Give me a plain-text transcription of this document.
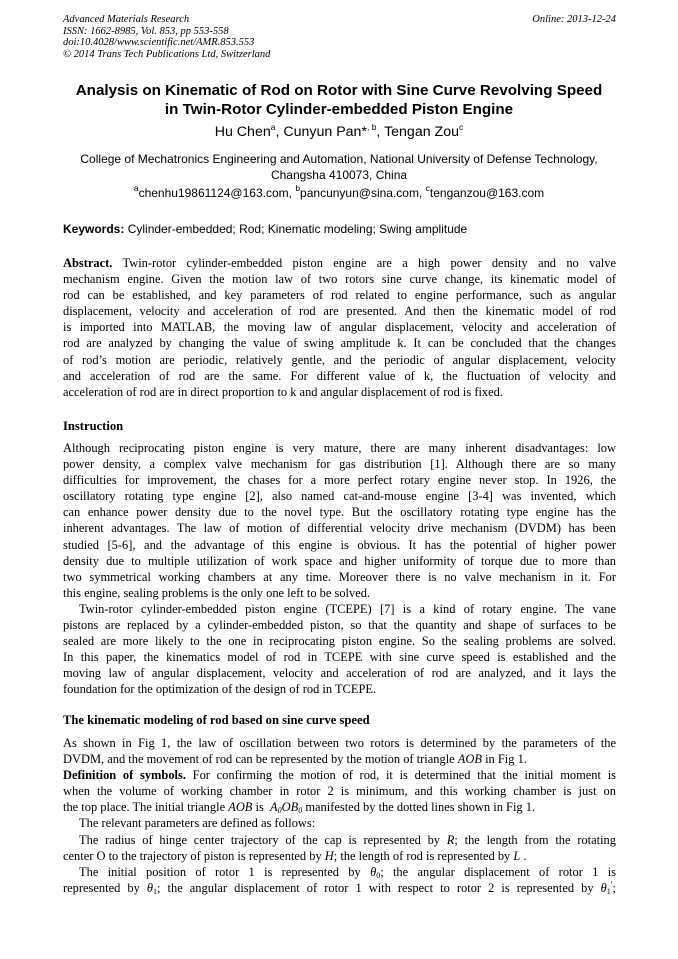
Advanced Materials Research
ISSN: 1662-8985, Vol. 853, pp 553-558
doi:10.4028/www.scientific.net/AMR.853.553
© 2014 Trans Tech Publications Ltd, Switzerland
Online: 2013-12-24
Analysis on Kinematic of Rod on Rotor with Sine Curve Revolving Speed
in Twin-Rotor Cylinder-embedded Piston Engine
Hu Chen$^a$, Cunyun Pan*$^{, b}$, Tengan Zou$^c$
College of Mechatronics Engineering and Automation, National University of Defense Technology,
Changsha 410073, China
$^a$chenhu19861124@163.com, $^b$pancunyun@sina.com, $^c$tenganzou@163.com
Keywords: Cylinder-embedded; Rod; Kinematic modeling; Swing amplitude
Abstract. Twin-rotor cylinder-embedded piston engine are a high power density and no valve
mechanism engine. Given the motion law of two rotors sine curve change, its kinematic model of
rod can be established, and key parameters of rod related to engine performance, such as angular
displacement, velocity and acceleration of rod are presented. And then the kinematic model of rod
is imported into MATLAB, the moving law of angular displacement, velocity and acceleration of
rod are analyzed by changing the value of swing amplitude k. It can be concluded that the changes
of rod’s motion are periodic, relatively gentle, and the periodic of angular displacement, velocity
and acceleration of rod are the same. For different value of k, the fluctuation of velocity and
acceleration of rod are in direct proportion to k and angular displacement of rod is fixed.
Instruction
Although reciprocating piston engine is very mature, there are many inherent disadvantages: low
power density, a complex valve mechanism for gas distribution [1]. Although there are so many
difficulties for improvement, the chases for a more perfect rotary engine never stop. In 1926, the
oscillatory rotating type engine [2], also named cat-and-mouse engine [3-4] was invented, which
can enhance power density due to the novel type. But the oscillatory rotating type engine has the
inherent advantages. The law of motion of differential velocity drive mechanism (DVDM) has been
studied [5-6], and the advantage of this engine is obvious. It has the potential of higher power
density due to multiple utilization of work space and higher uniformity of torque due to more than
two symmetrical working chambers at any time. Moreover there is no valve mechanism in it. For
this engine, sealing problems is the only one left to be solved.
Twin-rotor cylinder-embedded piston engine (TCEPE) [7] is a kind of rotary engine. The vane
pistons are replaced by a cylinder-embedded piston, so that the quantity and shape of surfaces to be
sealed are more likely to the one in reciprocating piston engine. So the sealing problems are solved.
In this paper, the kinematics model of rod in TCEPE with sine curve speed is established and the
moving law of angular displacement, velocity and acceleration of rod are analyzed, and it lays the
foundation for the optimization of the design of rod in TCEPE.
The kinematic modeling of rod based on sine curve speed
As shown in Fig 1, the law of oscillation between two rotors is determined by the parameters of the
DVDM, and the movement of rod can be represented by the motion of triangle AOB in Fig 1.
Definition of symbols. For confirming the motion of rod, it is determined that the initial moment is
when the volume of working chamber in rotor 2 is minimum, and this working chamber is just on
the top place. The initial triangle AOB is  $A_0OB_0$ manifested by the dotted lines shown in Fig 1.
The relevant parameters are defined as follows:
The radius of hinge center trajectory of the cap is represented by R; the length from the rotating
center O to the trajectory of piston is represented by H; the length of rod is represented by L .
The initial position of rotor 1 is represented by $\theta_0$; the angular displacement of rotor 1 is
represented by $\theta_1$; the angular displacement of rotor 1 with respect to rotor 2 is represented by $\theta_1'$;
